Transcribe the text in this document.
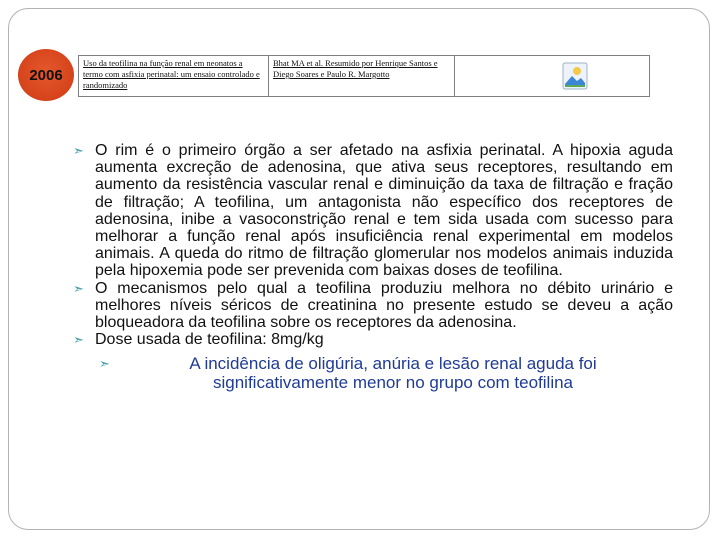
2006
Uso da teofilina na função renal em neonatos a termo com asfixia perinatal: um ensaio controlado e randomizado
Bhat MA et al. Resumido por Henrique Santos e Diego Soares e Paulo R. Margotto

➣ O rim é o primeiro órgão a ser afetado na asfixia perinatal. A hipoxia aguda aumenta excreção de adenosina, que ativa seus receptores, resultando em aumento da resistência vascular renal e diminuição da taxa de filtração e fração de filtração; A teofilina, um antagonista não específico dos receptores de adenosina, inibe a vasoconstrição renal e tem sida usada com sucesso para melhorar a função renal após insuficiência renal experimental em modelos animais. A queda do ritmo de filtração glomerular nos modelos animais induzida pela hipoxemia pode ser prevenida com baixas doses de teofilina.

➣ O mecanismos pelo qual a teofilina produziu melhora no débito urinário e melhores níveis séricos de creatinina no presente estudo se deveu a ação bloqueadora da teofilina sobre os receptores da adenosina.

➣ Dose usada de teofilina: 8mg/kg

➣	A incidência de oligúria, anúria e lesão renal aguda foi significativamente menor no grupo com teofilina
